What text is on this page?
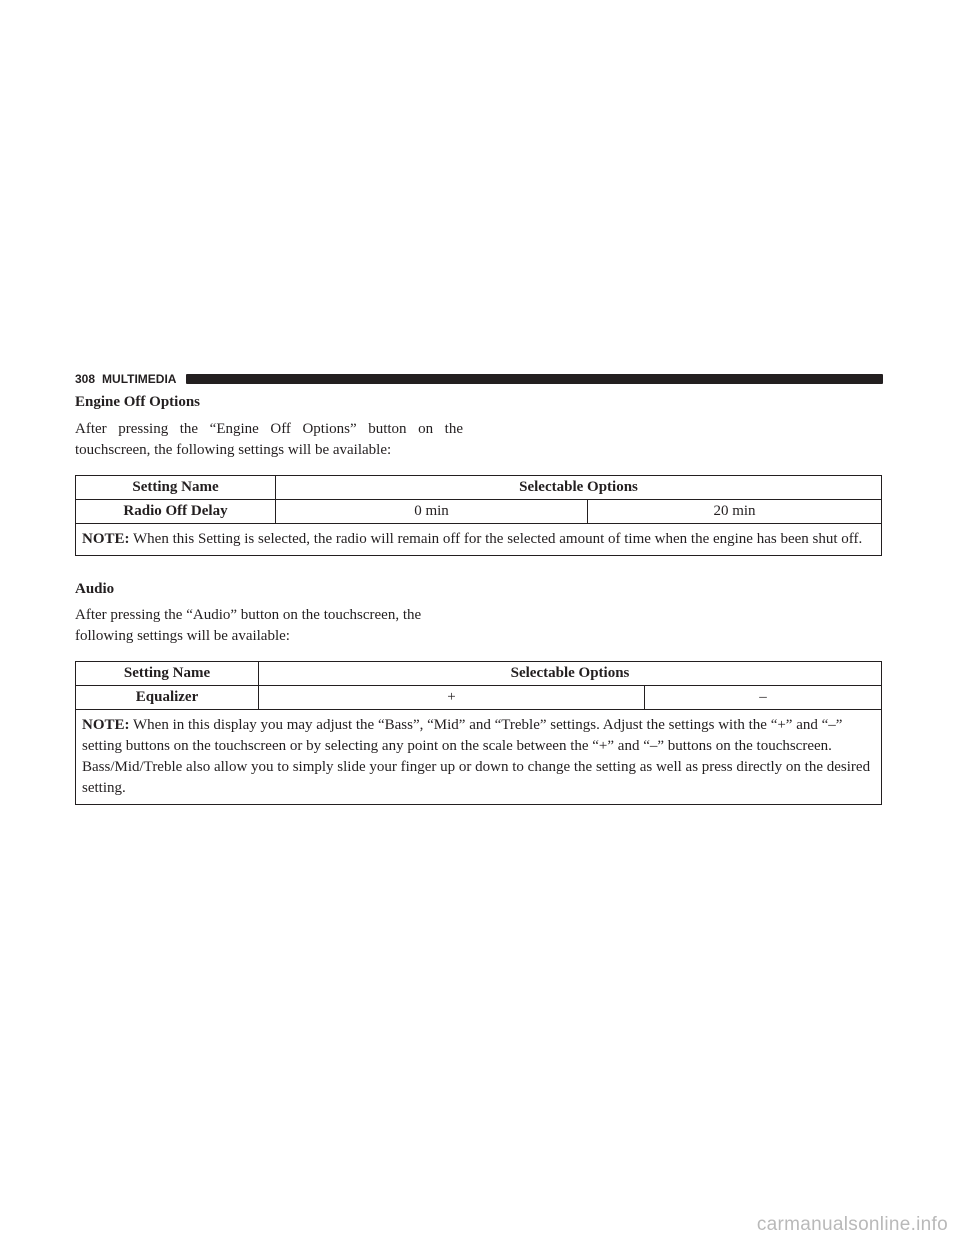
308 MULTIMEDIA
Engine Off Options

After pressing the “Engine Off Options” button on the
touchscreen, the following settings will be available:

Setting Name	Selectable Options	
Radio Off Delay	0 min	20 min
NOTE: When this Setting is selected, the radio will remain off for the selected amount of time when the engine has been shut off.		
Audio

After pressing the “Audio” button on the touchscreen, the
following settings will be available:

Setting Name	Selectable Options	
Equalizer	+	–
NOTE: When in this display you may adjust the “Bass”, “Mid” and “Treble” settings. Adjust the settings with the “+” and “–” setting buttons on the touchscreen or by selecting any point on the scale between the “+” and “–” buttons on the touchscreen. Bass/Mid/Treble also allow you to simply slide your finger up or down to change the setting as well as press directly on the desired setting.		
carmanualsonline.info
